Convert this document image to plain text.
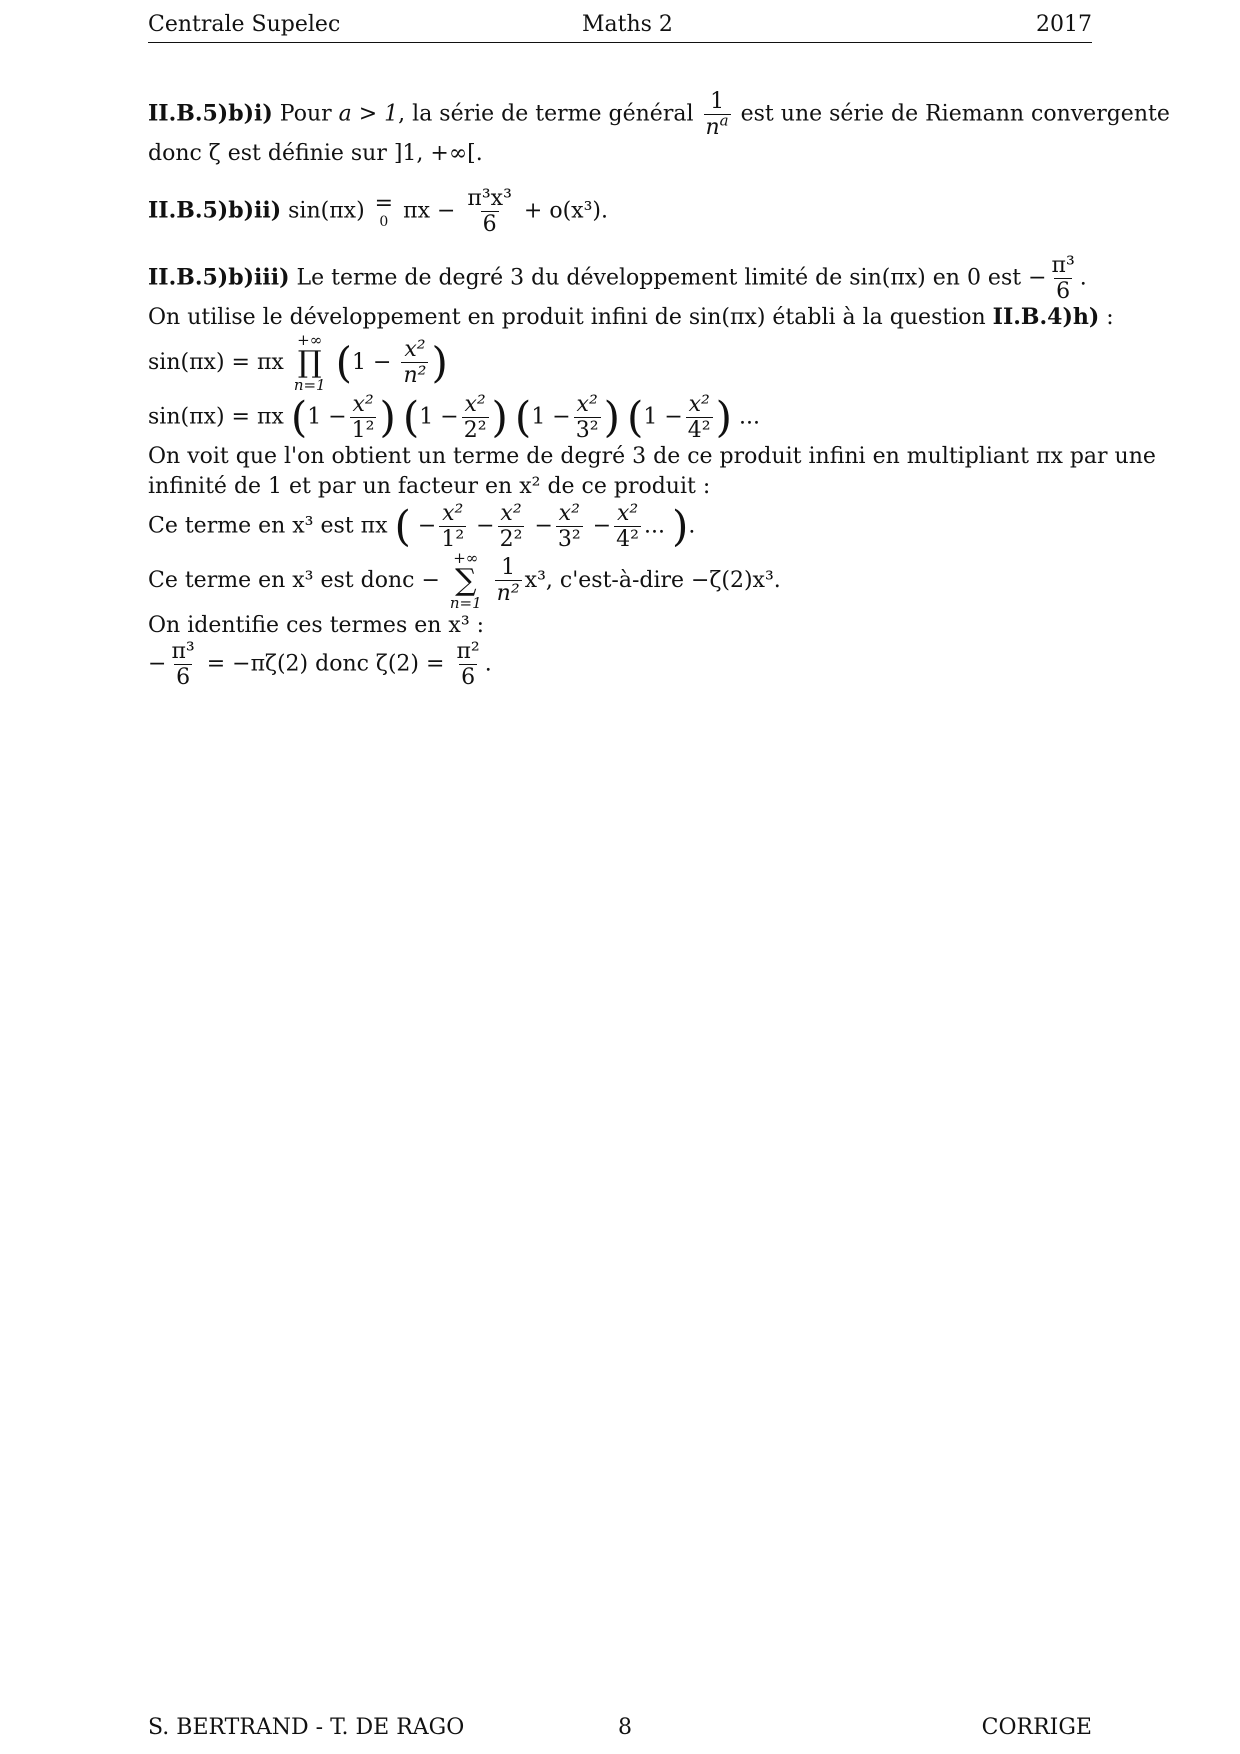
Centrale Supelec	Maths 2	2017
II.B.5)b)i) Pour a > 1, la série de terme général $\frac{1}{n^a}$ est une série de Riemann convergente
donc ζ est définie sur ]1, +∞[.
II.B.5)b)ii) sin(πx) =
0 $\pi x - \frac{\text{π³x³}}{6} + o(x^3)$.
II.B.5)b)iii) Le terme de degré 3 du développement limité de sin(πx) en 0 est − $\frac{\text{π³}}{6}$ .
On utilise le développement en produit infini de sin(πx) établi à la question II.B.4)h) :
sin(πx) = πx
+∞
∏
n=1 ($1 - \frac{\text{x²}}{\text{n²}}$ )
sin(πx) = πx ($1 - \frac{\text{x²}}{\text{1²}}$ ) ($1 - \frac{\text{x²}}{\text{2²}}$ ) ($1 - \frac{\text{x²}}{\text{3²}}$ ) ($1 - \frac{\text{x²}}{\text{4²}}$ ) ...
On voit que l'on obtient un terme de degré 3 de ce produit infini en multipliant πx par une
infinité de 1 et par un facteur en x² de ce produit :
Ce terme en x³ est πx ( − $\frac{\text{x²}}{\text{1²}} - \frac{\text{x²}}{\text{2²}} - \frac{\text{x²}}{\text{3²}} - \frac{\text{x²}}{\text{4²}}$ ... ).
Ce terme en x³ est donc −
+∞
∑
n=1
$\frac{1}{\text{n²}} x^3$, c'est-à-dire −ζ(2)x³.
On identifie ces termes en x³ :
− $\frac{\text{π³}}{6} = -\pi\zeta(2)$ donc $\zeta(2) = \frac{\text{π²}}{6}$ .
S. BERTRAND - T. DE RAGO	8	CORRIGE
